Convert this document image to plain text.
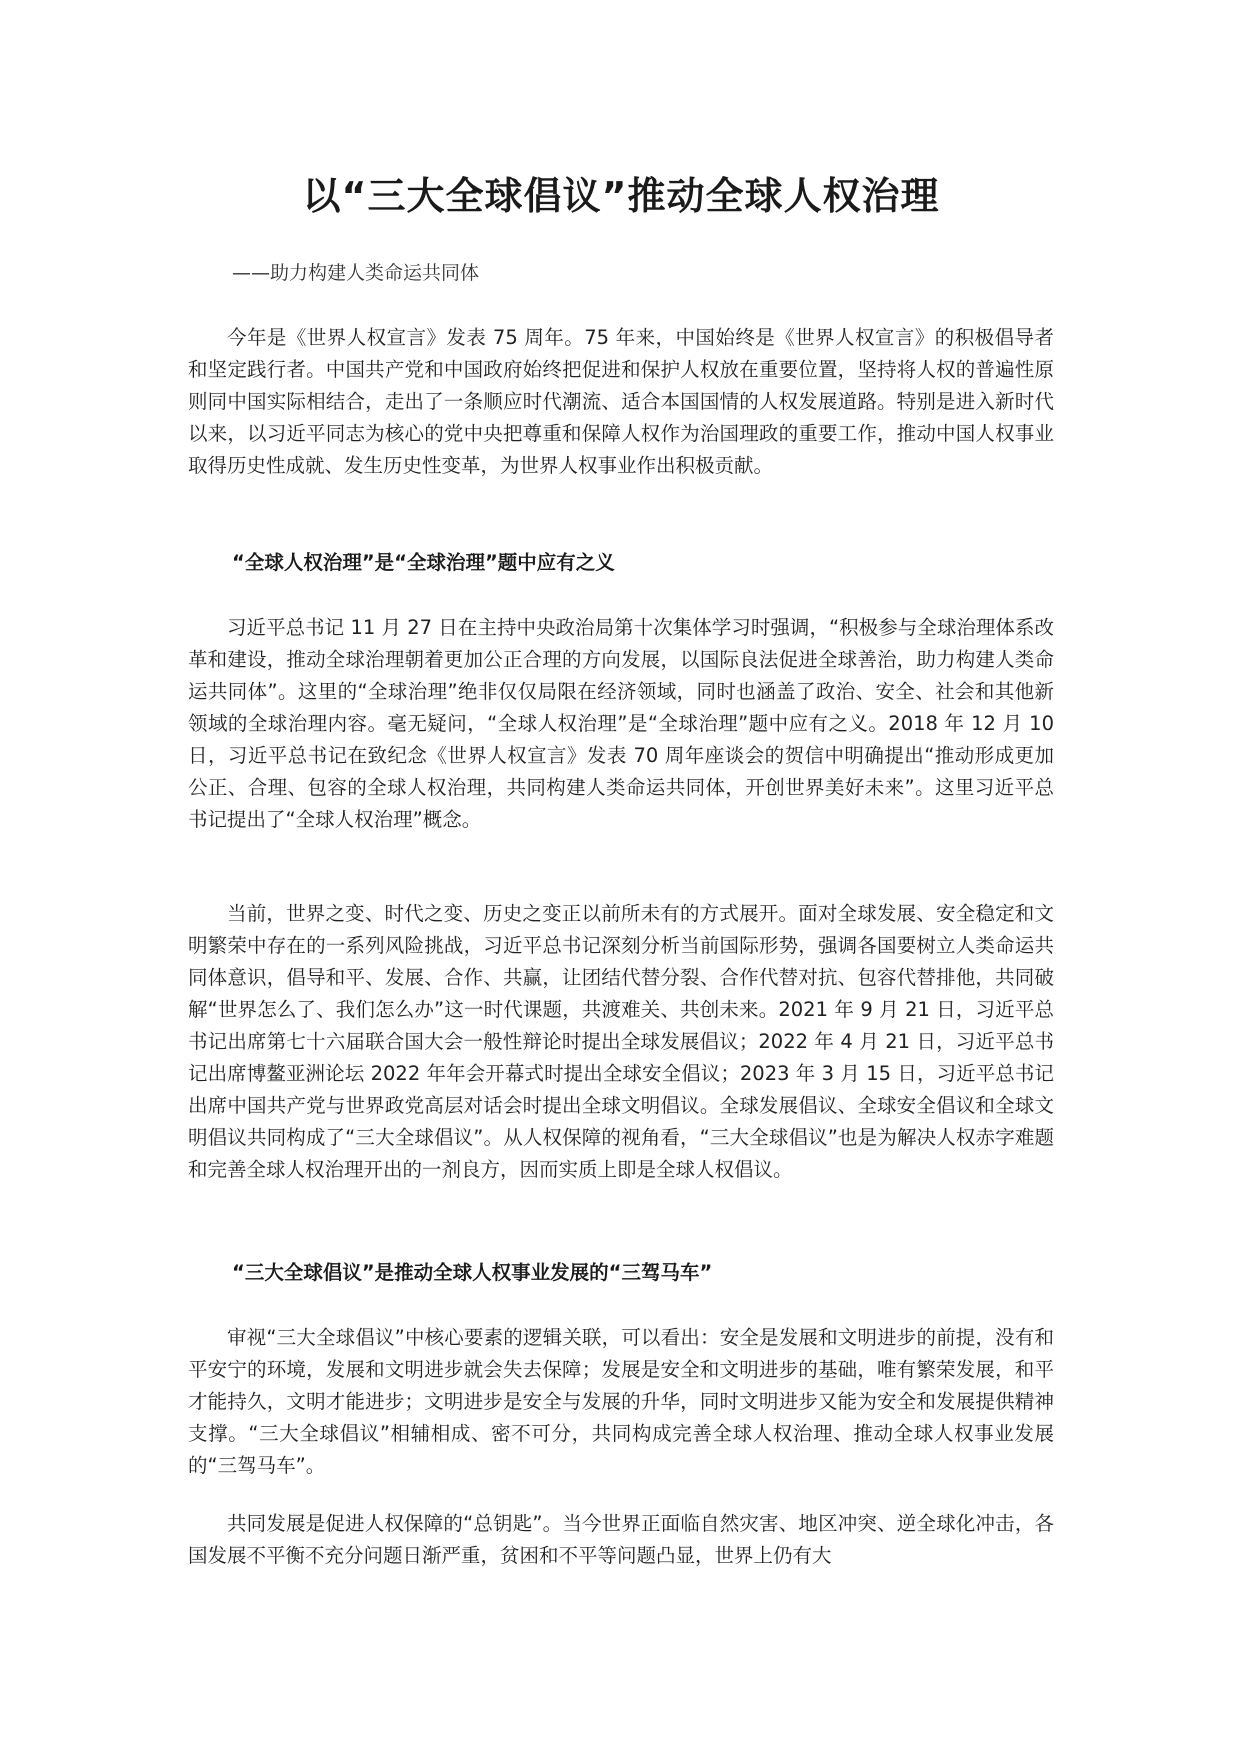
以“三大全球倡议”推动全球人权治理
——助力构建人类命运共同体

今年是《世界人权宣言》发表 75 周年。75 年来，中国始终是《世界人权宣言》的积极倡导者和坚定践行者。中国共产党和中国政府始终把促进和保护人权放在重要位置，坚持将人权的普遍性原则同中国实际相结合，走出了一条顺应时代潮流、适合本国国情的人权发展道路。特别是进入新时代以来，以习近平同志为核心的党中央把尊重和保障人权作为治国理政的重要工作，推动中国人权事业取得历史性成就、发生历史性变革，为世界人权事业作出积极贡献。

“全球人权治理”是“全球治理”题中应有之义

习近平总书记 11 月 27 日在主持中央政治局第十次集体学习时强调，“积极参与全球治理体系改革和建设，推动全球治理朝着更加公正合理的方向发展，以国际良法促进全球善治，助力构建人类命运共同体”。这里的“全球治理”绝非仅仅局限在经济领域，同时也涵盖了政治、安全、社会和其他新领域的全球治理内容。毫无疑问，“全球人权治理”是“全球治理”题中应有之义。2018 年 12 月 10 日，习近平总书记在致纪念《世界人权宣言》发表 70 周年座谈会的贺信中明确提出“推动形成更加公正、合理、包容的全球人权治理，共同构建人类命运共同体，开创世界美好未来”。这里习近平总书记提出了“全球人权治理”概念。

当前，世界之变、时代之变、历史之变正以前所未有的方式展开。面对全球发展、安全稳定和文明繁荣中存在的一系列风险挑战，习近平总书记深刻分析当前国际形势，强调各国要树立人类命运共同体意识，倡导和平、发展、合作、共赢，让团结代替分裂、合作代替对抗、包容代替排他，共同破解“世界怎么了、我们怎么办”这一时代课题，共渡难关、共创未来。2021 年 9 月 21 日，习近平总书记出席第七十六届联合国大会一般性辩论时提出全球发展倡议；2022 年 4 月 21 日，习近平总书记出席博鳌亚洲论坛 2022 年年会开幕式时提出全球安全倡议；2023 年 3 月 15 日，习近平总书记出席中国共产党与世界政党高层对话会时提出全球文明倡议。全球发展倡议、全球安全倡议和全球文明倡议共同构成了“三大全球倡议”。从人权保障的视角看，“三大全球倡议”也是为解决人权赤字难题和完善全球人权治理开出的一剂良方，因而实质上即是全球人权倡议。

“三大全球倡议”是推动全球人权事业发展的“三驾马车”

审视“三大全球倡议”中核心要素的逻辑关联，可以看出：安全是发展和文明进步的前提，没有和平安宁的环境，发展和文明进步就会失去保障；发展是安全和文明进步的基础，唯有繁荣发展，和平才能持久，文明才能进步；文明进步是安全与发展的升华，同时文明进步又能为安全和发展提供精神支撑。“三大全球倡议”相辅相成、密不可分，共同构成完善全球人权治理、推动全球人权事业发展的“三驾马车”。

共同发展是促进人权保障的“总钥匙”。当今世界正面临自然灾害、地区冲突、逆全球化冲击，各国发展不平衡不充分问题日渐严重，贫困和不平等问题凸显，世界上仍有大
